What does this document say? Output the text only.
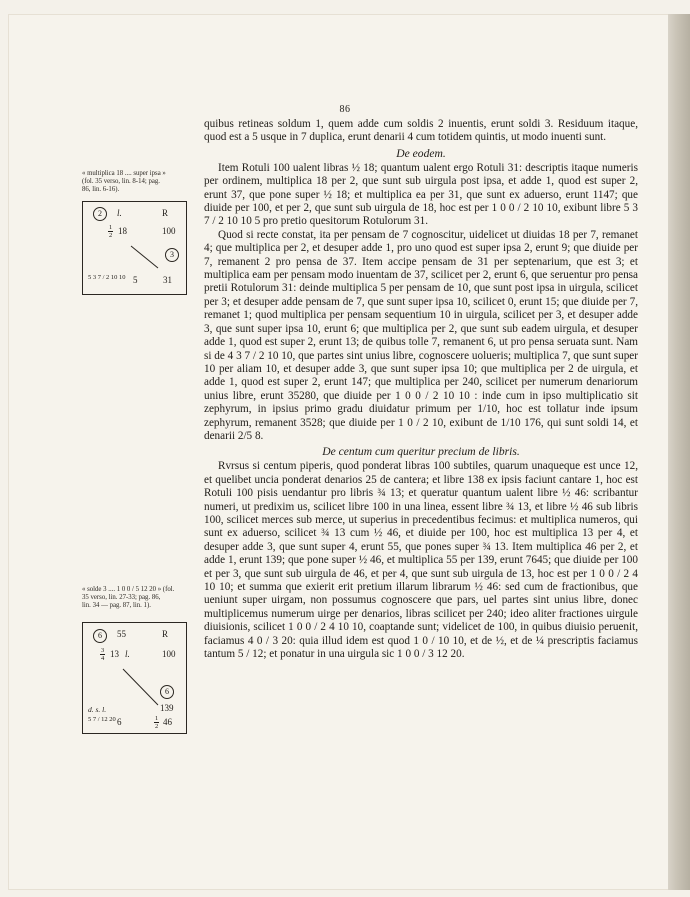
86

quibus retineas soldum 1, quem adde cum soldis 2 inuentis, erunt soldi 3. Residuum itaque, quod est a 5 usque in 7 duplica, erunt denarii 4 cum totidem quintis, ut modo inuenti sunt.

De eodem.

Item Rotuli 100 ualent libras ½ 18; quantum ualent ergo Rotuli 31: descriptis itaque numeris per ordinem, multiplica 18 per 2, que sunt sub uirgula post ipsa, et adde 1, quod est super 2, erunt 37, que pone super ½ 18; et multiplica ea per 31, que sunt ex aduerso, erunt 1147; que diuide per 100, et per 2, que sunt sub uirgula de 18, hoc est per 1 0 0 / 2 10 10, exibunt libre 5 3 7 / 2 10 10 5 pro pretio quesitorum Rotulorum 31.

Quod si recte constat, ita per pensam de 7 cognoscitur, uidelicet ut diuidas 18 per 7, remanet 4; que multiplica per 2, et desuper adde 1, pro uno quod est super ipsa 2, erunt 9; que diuide per 7, remanent 2 pro pensa de 37. Item accipe pensam de 31 per septenarium, que est 3; et multiplica eam per pensam modo inuentam de 37, scilicet per 2, erunt 6, que seruentur pro pensa pretii Rotulorum 31: deinde multiplica 5 per pensam de 10, que sunt post ipsa in uirgula, scilicet per 3; et desuper adde pensam de 7, que sunt super ipsa 10, scilicet 0, erunt 15; que diuide per 7, remanet 1; quod multiplica per pensam sequentium 10 in uirgula, scilicet per 3, et desuper adde 3, que sunt super ipsa 10, erunt 6; que multiplica per 2, que sunt sub eadem uirgula, et desuper adde 1, quod est super 2, erunt 13; de quibus tolle 7, remanent 6, ut pro pensa seruata sunt. Nam si de 4 3 7 / 2 10 10, que partes sint unius libre, cognoscere uolueris; multiplica 7, que sunt super 10 per aliam 10, et desuper adde 3, que sunt super ipsa 10; que multiplica per 2 de uirgula, et adde 1, quod est super 2, erunt 147; que multiplica per 240, scilicet per numerum denariorum unius libre, erunt 35280, que diuide per 1 0 0 / 2 10 10 : inde cum in ipso multiplicatio sit zephyrum, in ipsius primo gradu diuidatur primum per 1/10, hoc est tollatur inde ipsum zephyrum, remanent 3528; que diuide per 1 0 / 2 10, exibunt de 1/10 176, qui sunt soldi 14, et denarii 2/5 8.

De centum cum queritur precium de libris.

Rvrsus si centum piperis, quod ponderat libras 100 subtiles, quarum unaqueque est unce 12, et quelibet uncia ponderat denarios 25 de cantera; et libre 138 ex ipsis faciunt cantare 1, hoc est Rotuli 100 pisis uendantur pro libris ¾ 13; et queratur quantum ualent libre ½ 46: scribantur numeri, ut predixim us, scilicet libre 100 in una linea, essent libre ¾ 13, et libre ½ 46 sub libris 100, scilicet merces sub merce, ut superius in precedentibus fecimus: et multiplica numeros, qui sunt ex aduerso, scilicet ¾ 13 cum ½ 46, et diuide per 100, hoc est multiplica 13 per 4, et desuper adde 3, que sunt super 4, erunt 55, que pones super ¾ 13. Item multiplica 46 per 2, et adde 1, erunt 139; que pone super ½ 46, et multiplica 55 per 139, erunt 7645; que diuide per 100 et per 3, que sunt sub uirgula de 46, et per 4, que sunt sub uirgula de 13, hoc est per 1 0 0 / 2 4 10 10; et summa que exierit erit pretium illarum librarum ½ 46: sed cum de fractionibus, que ueniunt super uirgam, non possumus cognoscere que pars, uel partes sint unius libre, donec multiplicemus numerum uirge per denarios, libras scilicet per 240; ideo aliter fractiones uirgule diuisionis, scilicet 1 0 0 / 2 4 10 10, coaptande sunt; videlicet de 100, in quibus diuisio peruenit, faciamus 4 0 / 3 20: quia illud idem est quod 1 0 / 10 10, et de ½, et de ¼ prescriptis faciamus tantum 5 / 12; et ponatur in una uirgula sic 1 0 0 / 3 12 20.

« multiplica 18 .... super ipsa »
(fol. 35 verso, lin. 8-14; pag.
86, lin. 6-16).
2	l.	R
$\frac{1}{2} 18$	100
3
5 3 7 / 2 10 10 5	31
« solde 3 .... 1 0 0 / 5 12 20 » (fol.
35 verso, lin. 27-33; pag. 86,
lin. 34 — pag. 87, lin. 1).
6	55	R
$\frac{3}{4} 13$ l.	100
6
139
d. s. l.
5 7 / 12 20 6	$\frac{1}{2} 46$
